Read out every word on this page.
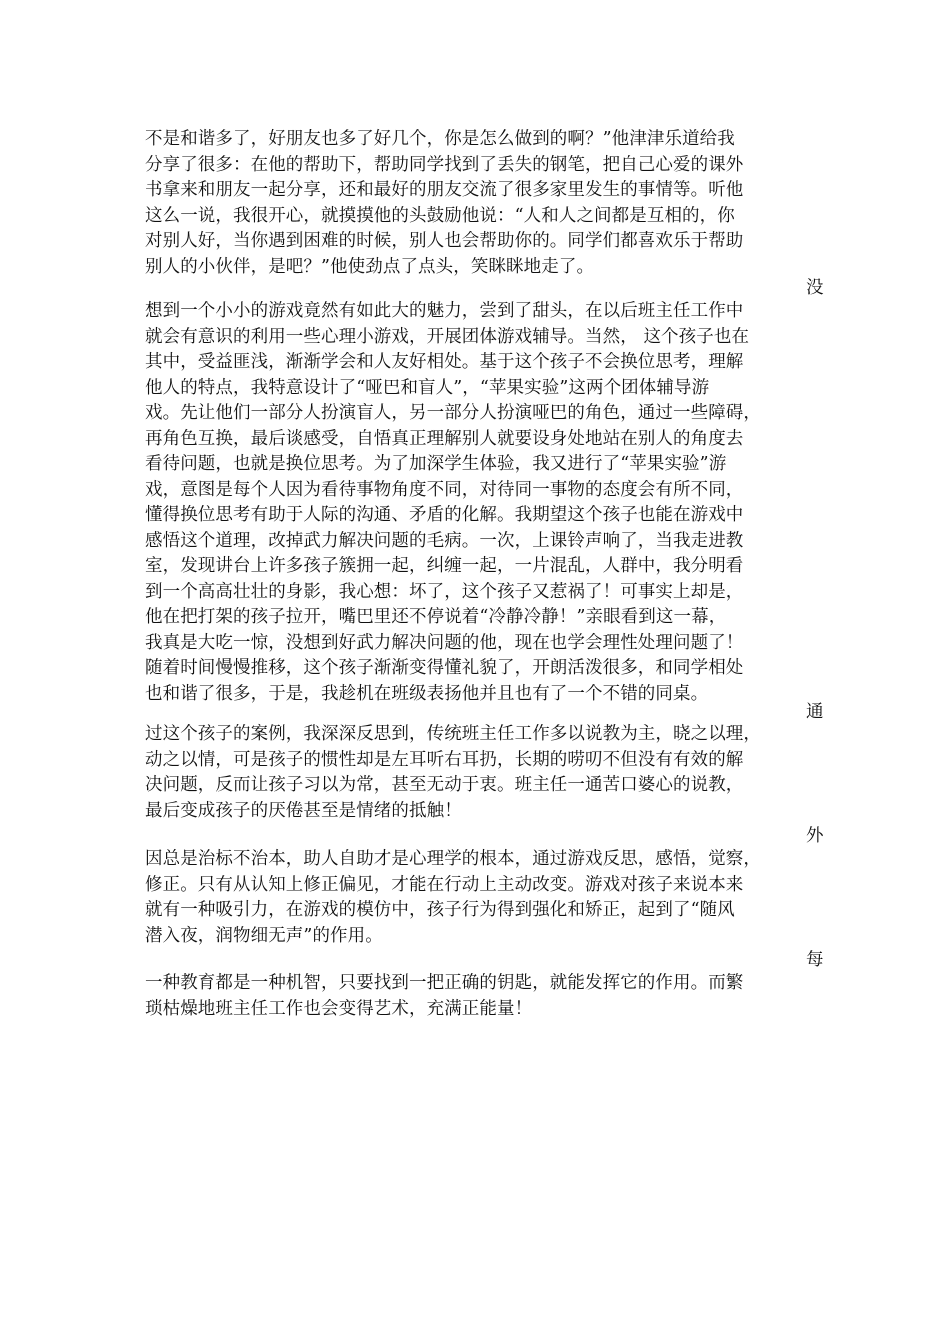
不是和谐多了，好朋友也多了好几个，你是怎么做到的啊？”他津津乐道给我
分享了很多：在他的帮助下，帮助同学找到了丢失的钢笔，把自己心爱的课外
书拿来和朋友一起分享，还和最好的朋友交流了很多家里发生的事情等。听他
这么一说，我很开心，就摸摸他的头鼓励他说：“人和人之间都是互相的，你
对别人好，当你遇到困难的时候，别人也会帮助你的。同学们都喜欢乐于帮助
别人的小伙伴，是吧？”他使劲点了点头，笑眯眯地走了。
没
想到一个小小的游戏竟然有如此大的魅力，尝到了甜头，在以后班主任工作中
就会有意识的利用一些心理小游戏，开展团体游戏辅导。当然， 这个孩子也在
其中，受益匪浅，渐渐学会和人友好相处。基于这个孩子不会换位思考，理解
他人的特点，我特意设计了“哑巴和盲人”，“苹果实验”这两个团体辅导游
戏。先让他们一部分人扮演盲人，另一部分人扮演哑巴的角色，通过一些障碍，
再角色互换，最后谈感受，自悟真正理解别人就要设身处地站在别人的角度去
看待问题，也就是换位思考。为了加深学生体验，我又进行了“苹果实验”游
戏，意图是每个人因为看待事物角度不同，对待同一事物的态度会有所不同，
懂得换位思考有助于人际的沟通、矛盾的化解。我期望这个孩子也能在游戏中
感悟这个道理，改掉武力解决问题的毛病。一次，上课铃声响了，当我走进教
室，发现讲台上许多孩子簇拥一起，纠缠一起，一片混乱，人群中，我分明看
到一个高高壮壮的身影，我心想：坏了，这个孩子又惹祸了！可事实上却是，
他在把打架的孩子拉开，嘴巴里还不停说着“冷静冷静！”亲眼看到这一幕，
我真是大吃一惊，没想到好武力解决问题的他，现在也学会理性处理问题了！
随着时间慢慢推移，这个孩子渐渐变得懂礼貌了，开朗活泼很多，和同学相处
也和谐了很多，于是，我趁机在班级表扬他并且也有了一个不错的同桌。
通
过这个孩子的案例，我深深反思到，传统班主任工作多以说教为主，晓之以理，
动之以情，可是孩子的惯性却是左耳听右耳扔，长期的唠叨不但没有有效的解
决问题，反而让孩子习以为常，甚至无动于衷。班主任一通苦口婆心的说教，
最后变成孩子的厌倦甚至是情绪的抵触！
外
因总是治标不治本，助人自助才是心理学的根本，通过游戏反思，感悟，觉察，
修正。只有从认知上修正偏见，才能在行动上主动改变。游戏对孩子来说本来
就有一种吸引力，在游戏的模仿中，孩子行为得到强化和矫正，起到了“随风
潜入夜，润物细无声”的作用。
每
一种教育都是一种机智，只要找到一把正确的钥匙，就能发挥它的作用。而繁
琐枯燥地班主任工作也会变得艺术，充满正能量！
